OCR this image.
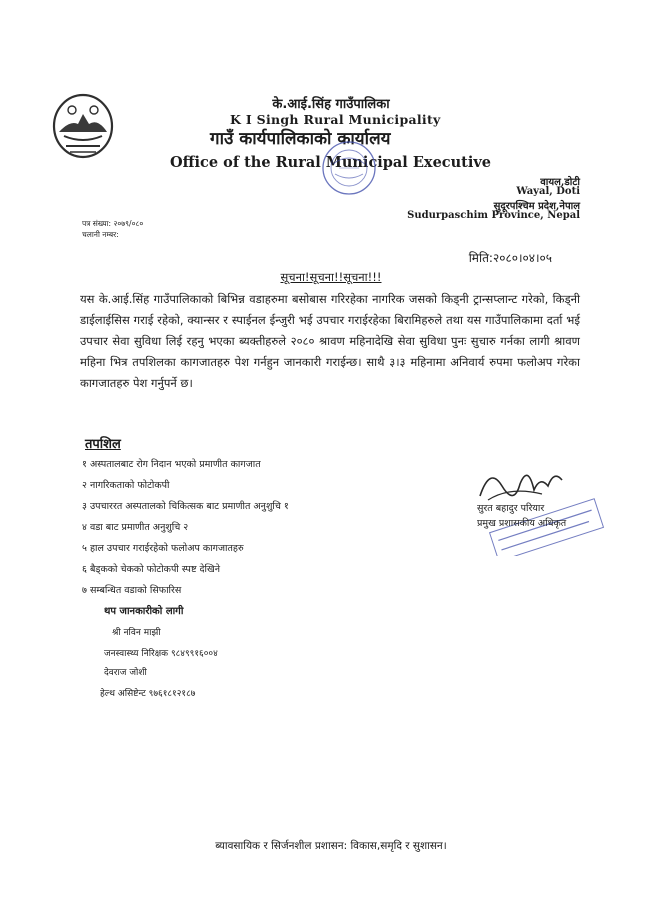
के.आई.सिंह गाउँपालिका
K I Singh Rural Municipality
गाउँ कार्यपालिकाको कार्यालय
Office of the Rural Municipal Executive
वायल,डोटी
Wayal, Doti
सुदूरपश्चिम प्रदेश,नेपाल
Sudurpaschim Province, Nepal
पत्र संख्या: २०७९/०८०
चलानी नम्बर:
मिति:२०८०।०४।०५
सूचना!सूचना!!सूचना!!!
यस के.आई.सिंह गाउँपालिकाको बिभिन्न वडाहरुमा बसोबास गरिरहेका नागरिक जसको किड्नी ट्रान्सप्लान्ट गरेको, किड्नी डाईलाईसिस गराई रहेको, क्यान्सर र स्पाईनल ईन्जुरी भई उपचार गराईरहेका बिरामिहरुले तथा यस गाउँपालिकामा दर्ता भई उपचार सेवा सुविधा लिई रहनु भएका ब्यक्तीहरुले २०८० श्रावण महिनादेखि सेवा सुविधा पुनः सुचारु गर्नका लागी श्रावण महिना भित्र तपशिलका कागजातहरु पेश गर्नहुन जानकारी गराईन्छ। साथै ३।३ महिनामा अनिवार्य रुपमा फलोअप गरेका कागजातहरु पेश गर्नुपर्ने छ।
तपशिल
१ अस्पतालबाट रोग निदान भएको प्रमाणीत कागजात
२ नागरिकताको फोटोकपी
३ उपचाररत अस्पतालको चिकित्सक बाट प्रमाणीत अनुशुचि १
४ वडा बाट प्रमाणीत अनुशुचि २
५ हाल उपचार गराईरहेको फलोअप कागजातहरु
६ बैड्कको चेकको फोटोकपी स्पष्ट देखिने
७ सम्बन्धित वडाको सिफारिस
थप जानकारीको लागी
श्री नविन माझी
जनस्वास्थ्य निरिक्षक ९८४९९१६००४
देवराज जोशी
हेल्थ असिष्टेन्ट ९७६१८१२१८७
सुरत बहादुर परियार
प्रमुख प्रशासकीय अधिकृत
ब्यावसायिक र सिर्जनशील प्रशासन: विकास,समृदि र सुशासन।
